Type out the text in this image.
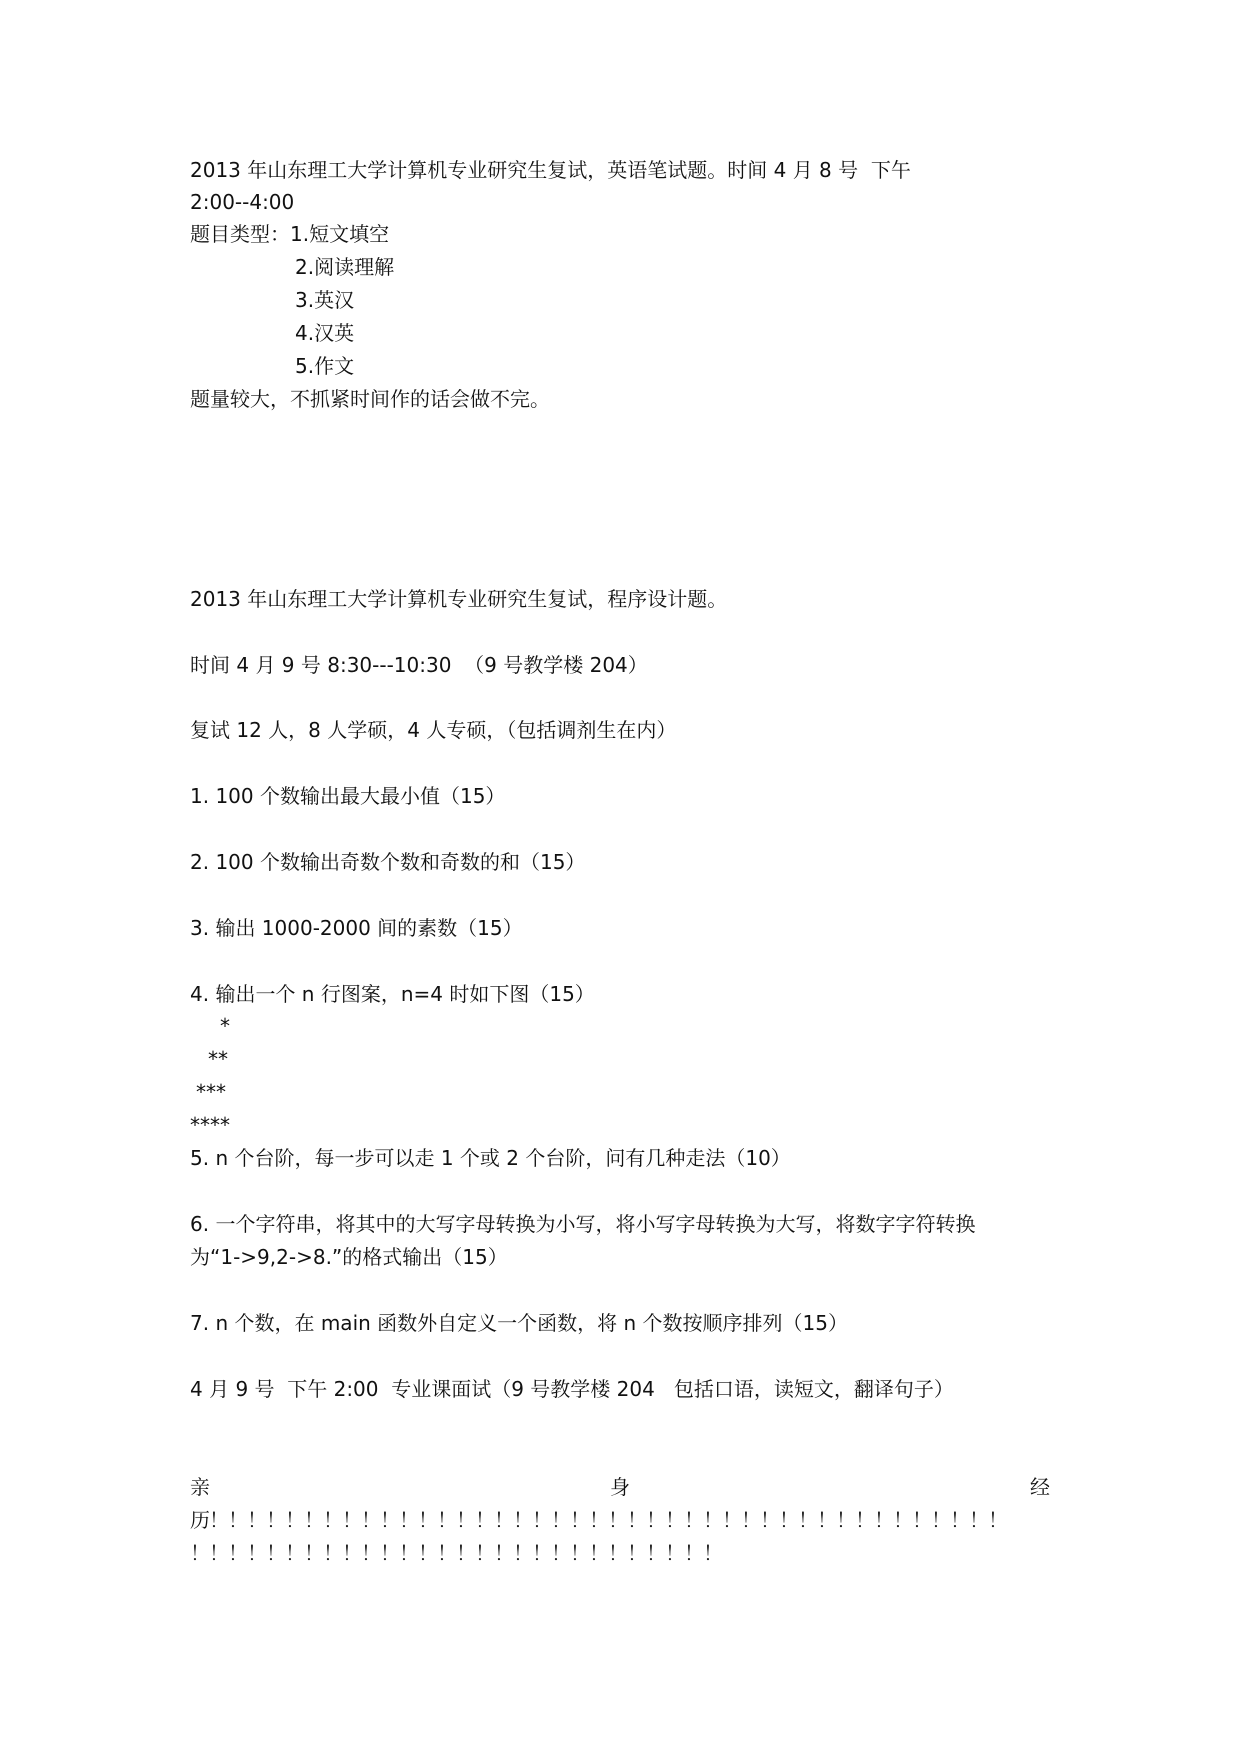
2013 年山东理工大学计算机专业研究生复试，英语笔试题。时间 4 月 8 号  下午
2:00--4:00
题目类型：1.短文填空
2.阅读理解
3.英汉
4.汉英
5.作文
题量较大，不抓紧时间作的话会做不完。
2013 年山东理工大学计算机专业研究生复试，程序设计题。
时间 4 月 9 号 8:30---10:30  （9 号教学楼 204）
复试 12 人，8 人学硕，4 人专硕，（包括调剂生在内）
1. 100 个数输出最大最小值（15）
2. 100 个数输出奇数个数和奇数的和（15）
3. 输出 1000-2000 间的素数（15）
4. 输出一个 n 行图案，n=4 时如下图（15）
*
**
***
****
5. n 个台阶，每一步可以走 1 个或 2 个台阶，问有几种走法（10）
6. 一个字符串，将其中的大写字母转换为小写，将小写字母转换为大写，将数字字符转换
为“1->9,2->8.”的格式输出（15）
7. n 个数，在 main 函数外自定义一个函数，将 n 个数按顺序排列（15）
4 月 9 号  下午 2:00  专业课面试（9 号教学楼 204   包括口语，读短文，翻译句子）
亲	身	经
历！！！！！！！！！！！！！！！！！！！！！！！！！！！！！！！！！！！！！！！！！！
！！！！！！！！！！！！！！！！！！！！！！！！！！！！
